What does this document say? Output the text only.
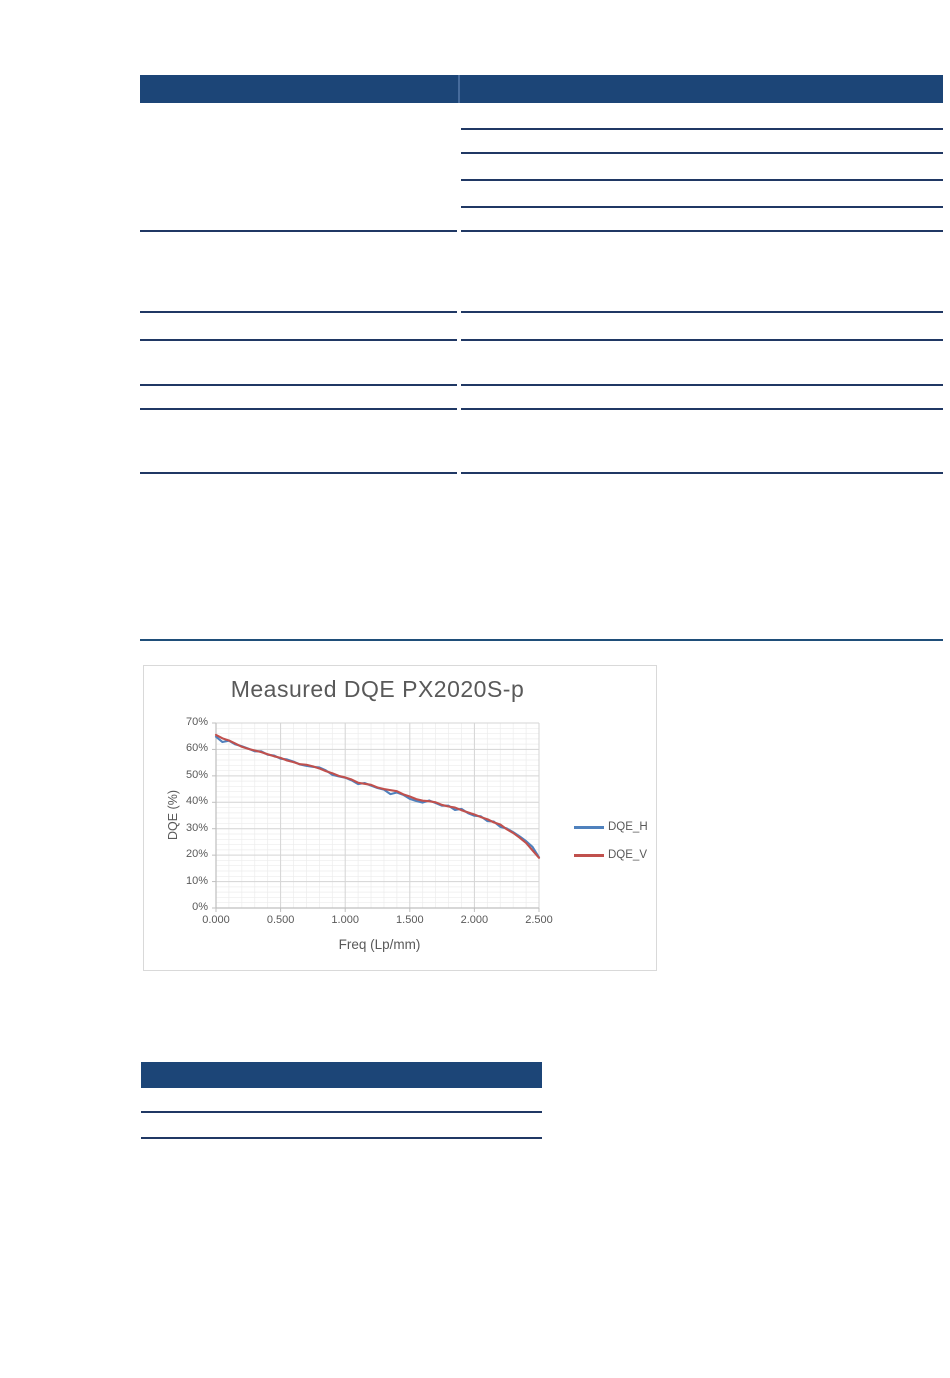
Measured DQE PX2020S-p
0%
10%
20%
30%
40%
50%
60%
70%
0.000	0.500	1.000	1.500	2.000	2.500
DQE (%)
Freq (Lp/mm)
DQE_H
DQE_V
